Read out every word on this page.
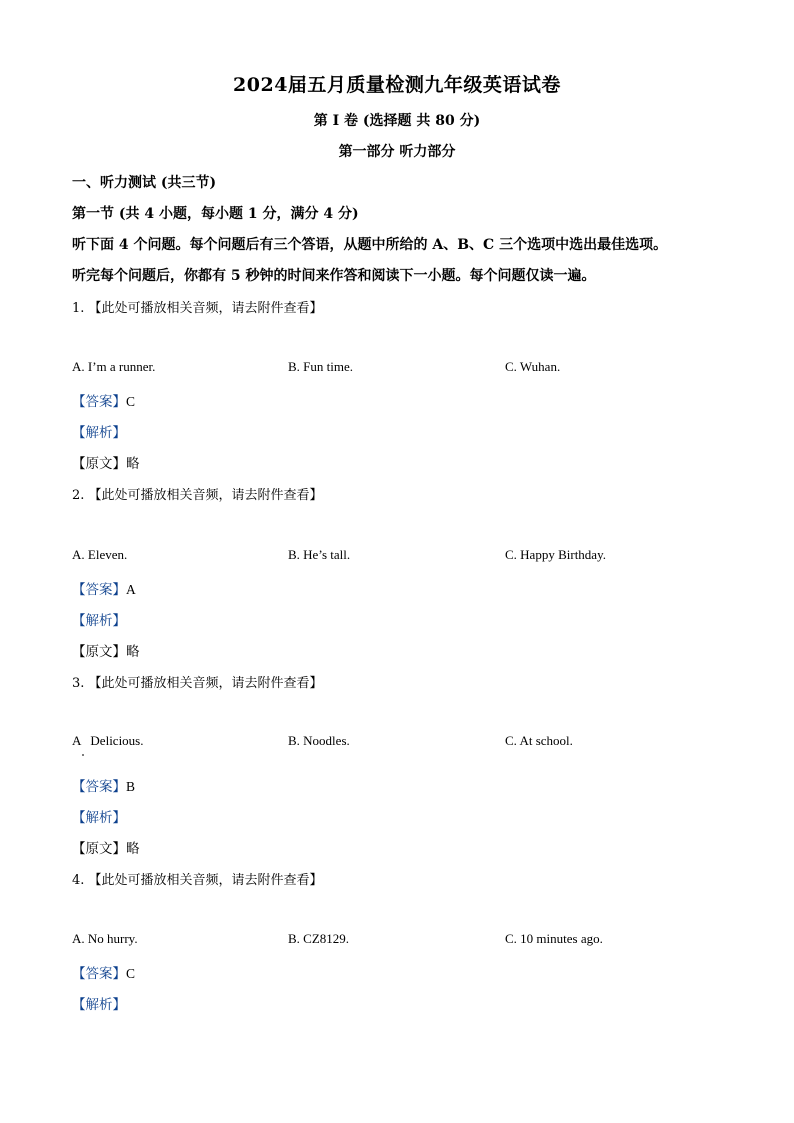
2024届五月质量检测九年级英语试卷
第 I 卷 (选择题 共 80 分)
第一部分 听力部分
一、听力测试 (共三节)
第一节 (共 4 小题，每小题 1 分，满分 4 分)
听下面 4 个问题。每个问题后有三个答语，从题中所给的 A、B、C 三个选项中选出最佳选项。
听完每个问题后，你都有 5 秒钟的时间来作答和阅读下一小题。每个问题仅读一遍。
1. 【此处可播放相关音频，请去附件查看】
A. I’m a runner.	B. Fun time.	C. Wuhan.
【答案】C
【解析】
【原文】略
2. 【此处可播放相关音频，请去附件查看】
A. Eleven.	B. He’s tall.	C. Happy Birthday.
【答案】A
【解析】
【原文】略
3. 【此处可播放相关音频，请去附件查看】
A   Delicious.	B. Noodles.	C. At school.
【答案】B
【解析】
【原文】略
4. 【此处可播放相关音频，请去附件查看】
A. No hurry.	B. CZ8129.	C. 10 minutes ago.
【答案】C
【解析】
